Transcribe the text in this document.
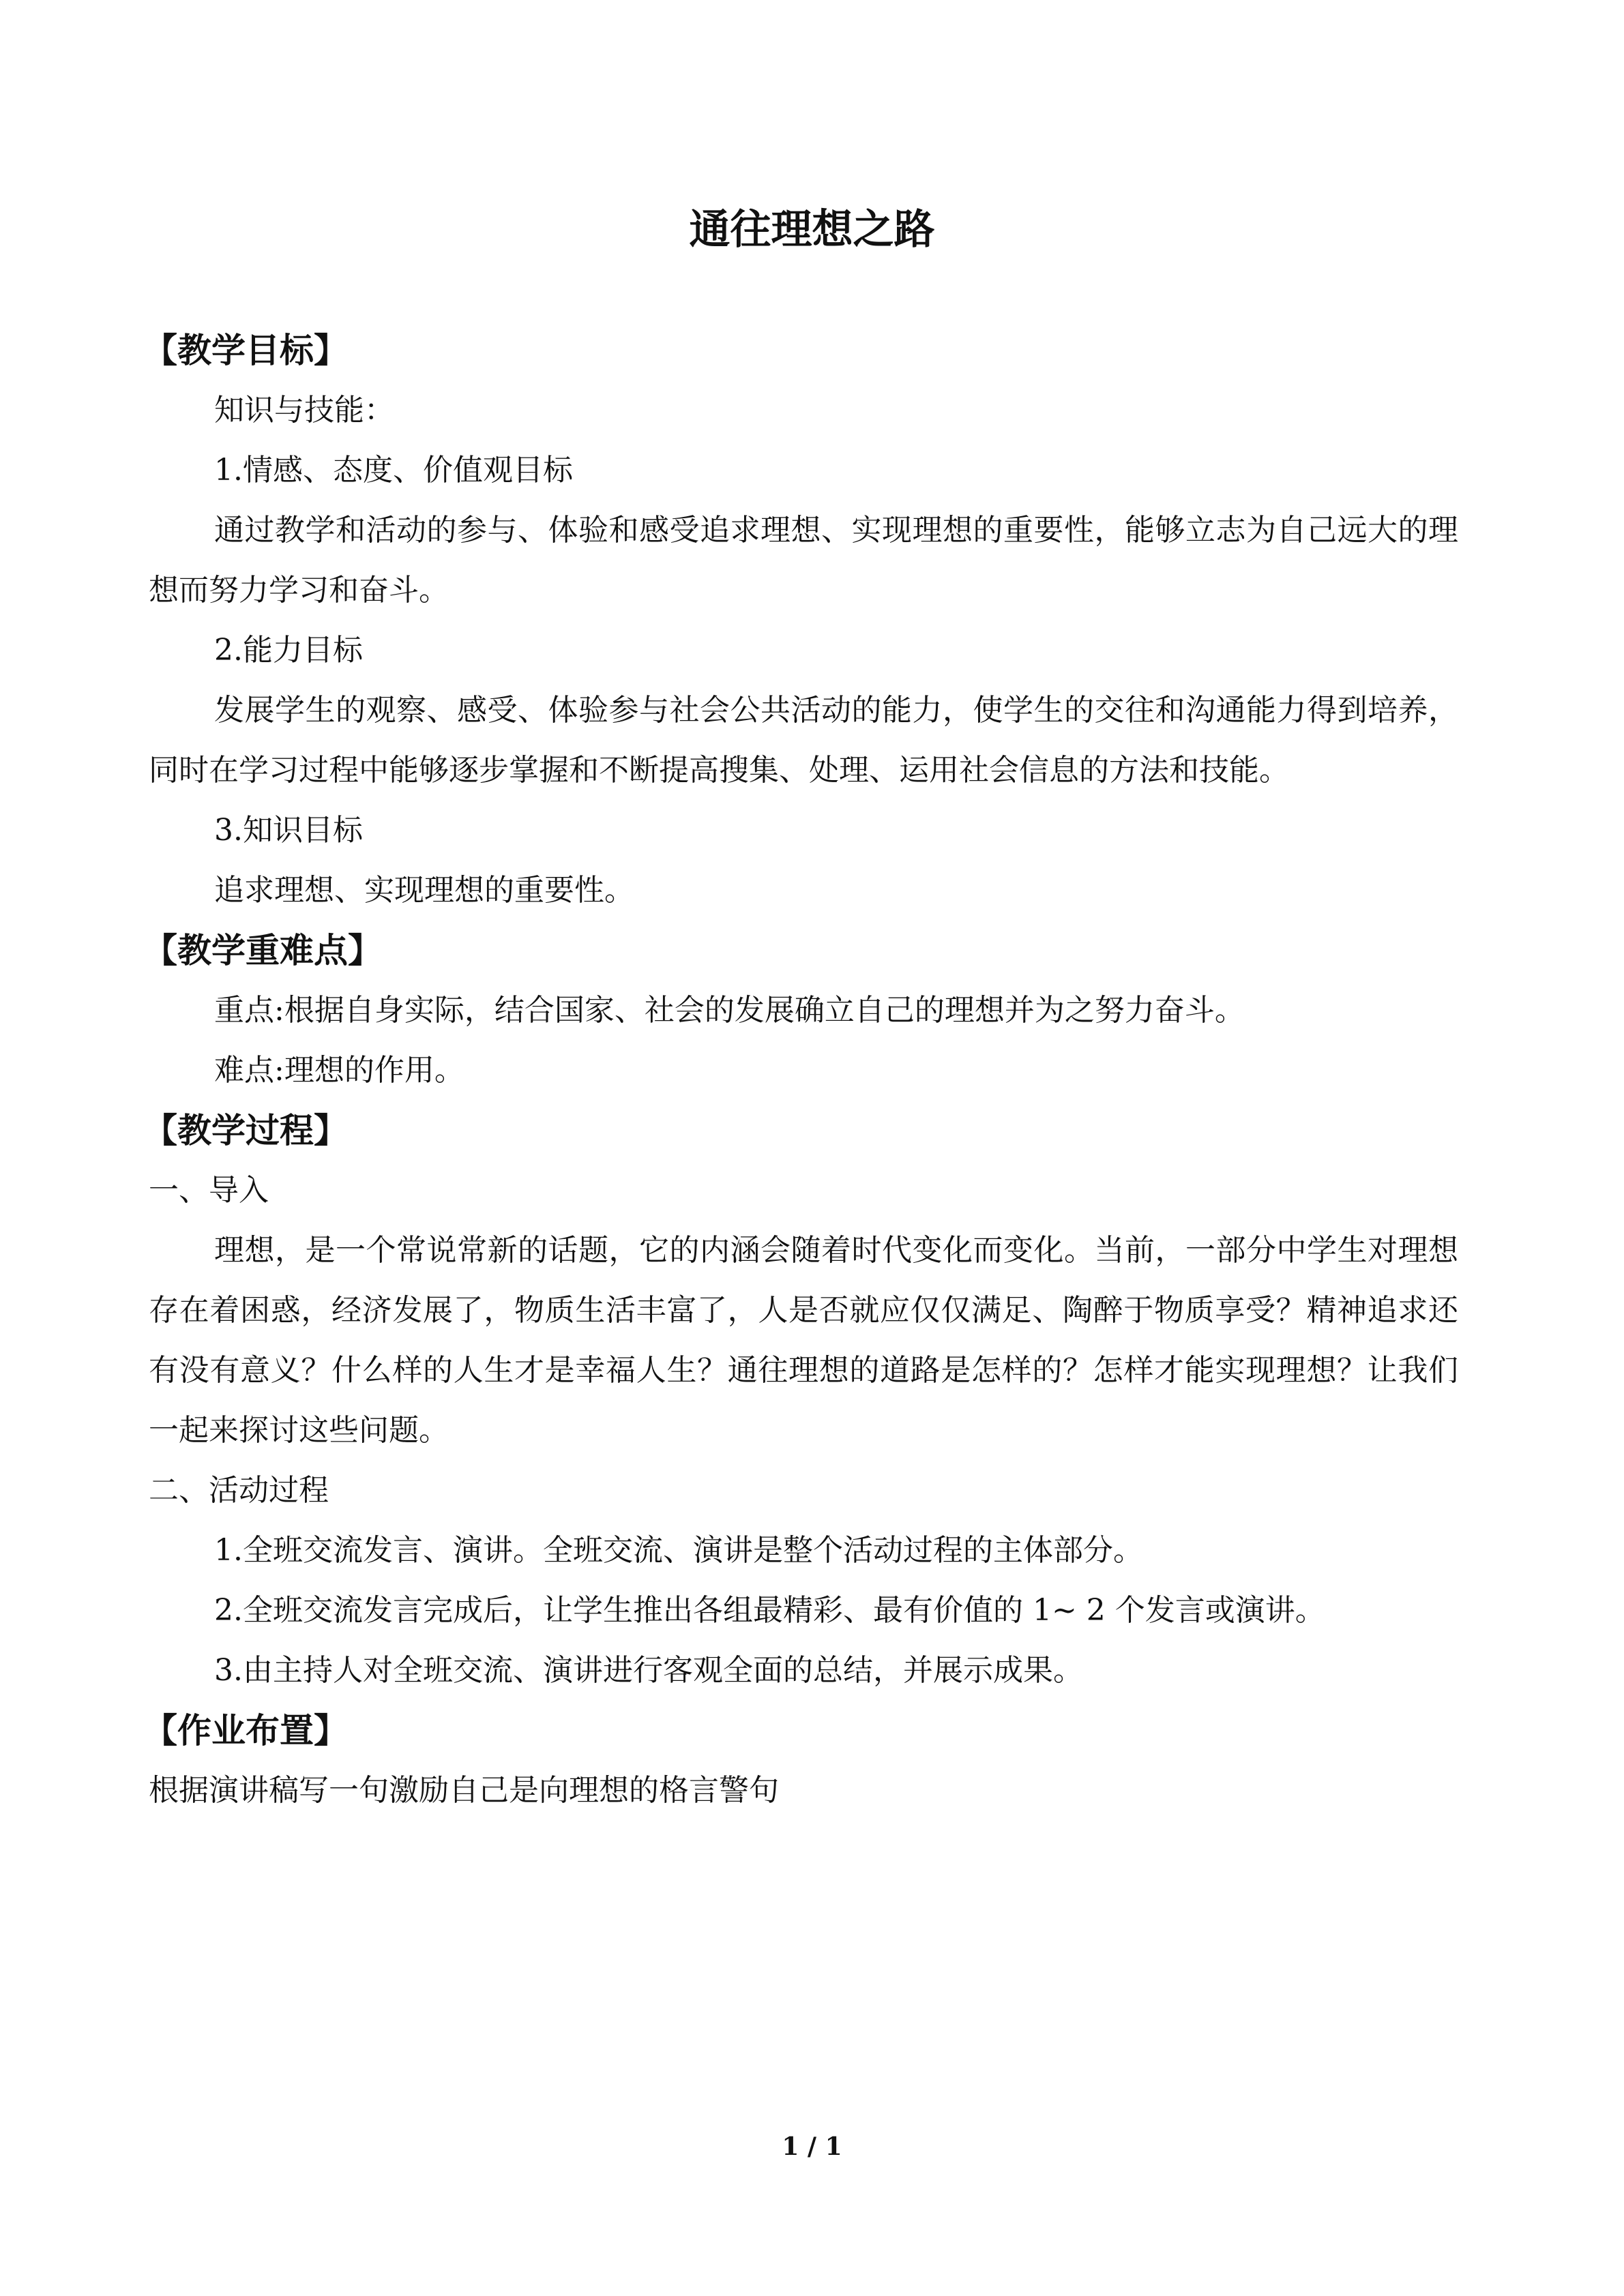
通往理想之路
【教学目标】

知识与技能：

1.情感、态度、价值观目标

通过教学和活动的参与、体验和感受追求理想、实现理想的重要性，能够立志为自己远大的理想而努力学习和奋斗。

2.能力目标

发展学生的观察、感受、体验参与社会公共活动的能力，使学生的交往和沟通能力得到培养，同时在学习过程中能够逐步掌握和不断提高搜集、处理、运用社会信息的方法和技能。

3.知识目标

追求理想、实现理想的重要性。

【教学重难点】

重点:根据自身实际，结合国家、社会的发展确立自己的理想并为之努力奋斗。

难点:理想的作用。

【教学过程】

一、导入

理想，是一个常说常新的话题，它的内涵会随着时代变化而变化。当前，一部分中学生对理想存在着困惑，经济发展了，物质生活丰富了，人是否就应仅仅满足、陶醉于物质享受？精神追求还有没有意义？什么样的人生才是幸福人生？通往理想的道路是怎样的？怎样才能实现理想？让我们一起来探讨这些问题。

二、活动过程

1.全班交流发言、演讲。全班交流、演讲是整个活动过程的主体部分。

2.全班交流发言完成后，让学生推出各组最精彩、最有价值的 1~ 2 个发言或演讲。

3.由主持人对全班交流、演讲进行客观全面的总结，并展示成果。

【作业布置】

根据演讲稿写一句激励自己是向理想的格言警句

1 / 1
